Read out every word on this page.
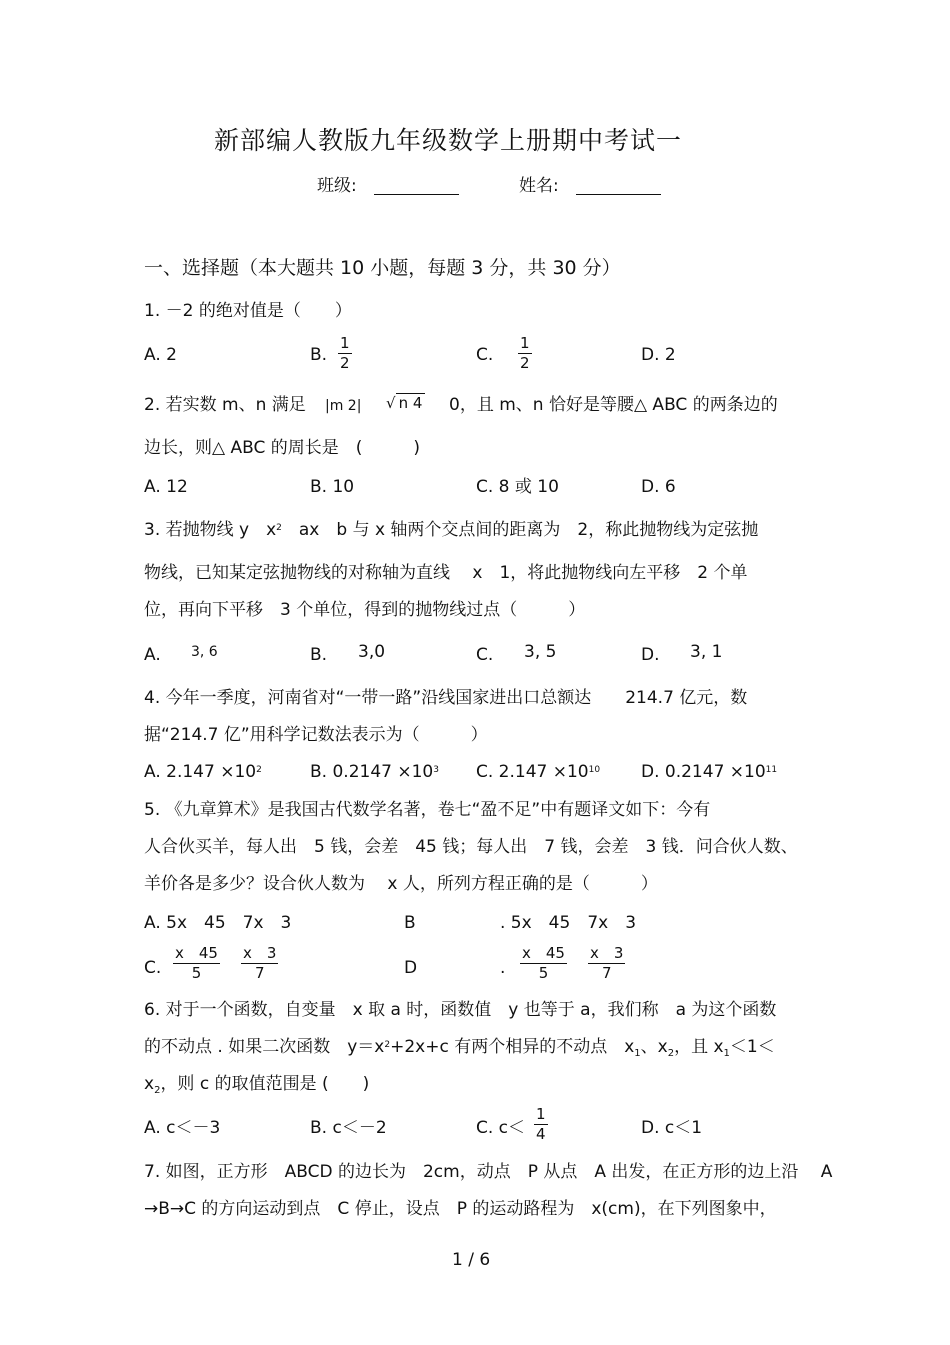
新部编人教版九年级数学上册期中考试一
班级:	姓名:
一、选择题（本大题共 10 小题，每题 3 分，共 30 分）
1. －2 的绝对值是（　　）
A. 2	B.
1
2	C.
1
2	D. 2
2. 若实数 m、n 满足 |m 2| √ n 4 0，且 m、n 恰好是等腰△ ABC 的两条边的
边长，则△ ABC 的周长是　(　　　)
A. 12	B. 10	C. 8 或 10	D. 6
3. 若抛物线 y　$x^2$　ax　b 与 x 轴两个交点间的距离为　2，称此抛物线为定弦抛
物线，已知某定弦抛物线的对称轴为直线　 x　1，将此抛物线向左平移　2 个单
位，再向下平移　3 个单位，得到的抛物线过点（　　　）
A. 3, 6	B. 3,0	C. 3, 5	D. 3, 1
4. 今年一季度，河南省对“一带一路”沿线国家进出口总额达　　214.7 亿元，数
据“214.7 亿”用科学记数法表示为（　　　）
A. $2.147 \times 10^2$	B. $0.2147 \times 10^3$ C. $2.147 \times 10^{10}$ D. $0.2147 \times 10^{11}$
5. 《九章算术》是我国古代数学名著，卷七“盈不足”中有题译文如下：今有
人合伙买羊，每人出　5 钱，会差　45 钱；每人出　7 钱，会差　3 钱．问合伙人数、
羊价各是多少？设合伙人数为　 x 人，所列方程正确的是（　　　）
A. 5x　45　7x　3	B	. 5x　45　7x　3
C.
x　45
5
x　3
7	D	.
x　45
5
x　3
7
6. 对于一个函数，自变量　x 取 a 时，函数值　y 也等于 a，我们称　a 为这个函数
的不动点 . 如果二次函数　$y=x^2+2x+c$ 有两个相异的不动点　$x_1$、$x_2$，且 $x_1<1<$
$x_2$，则 c 的取值范围是 (　　)
A. c＜－3	B. c＜－2	C. c＜
1
4	D. c＜1
7. 如图，正方形　ABCD 的边长为　2cm，动点　P 从点　A 出发，在正方形的边上沿　 A
→B→C 的方向运动到点　C 停止，设点　P 的运动路程为　x(cm)，在下列图象中，
1 / 6
